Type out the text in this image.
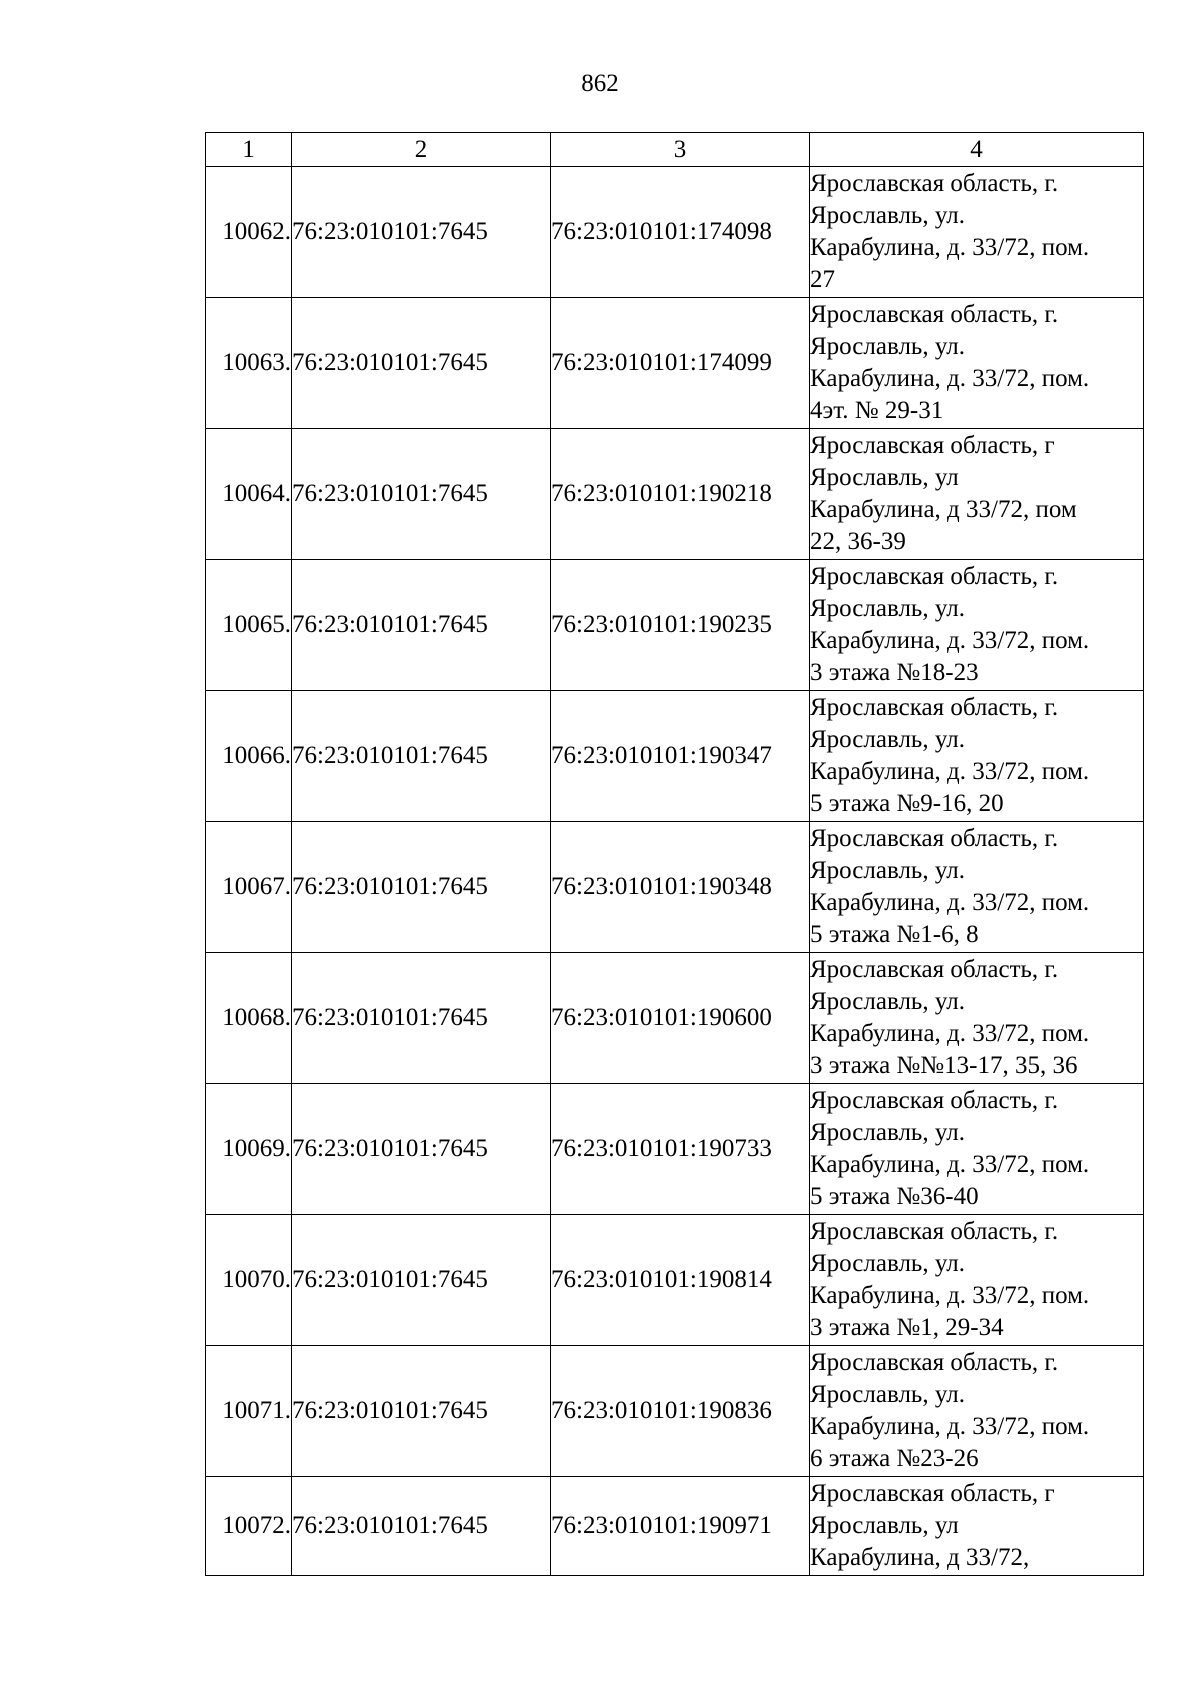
862
1	2	3	4
10062.	76:23:010101:7645	76:23:010101:174098	Ярославская область, г.
Ярославль, ул.
Карабулина, д. 33/72, пом.
27

10063.	76:23:010101:7645	76:23:010101:174099	Ярославская область, г.
Ярославль, ул.
Карабулина, д. 33/72, пом.
4эт. № 29-31

10064.	76:23:010101:7645	76:23:010101:190218	Ярославская область, г
Ярославль, ул
Карабулина, д 33/72, пом
22, 36-39

10065.	76:23:010101:7645	76:23:010101:190235	Ярославская область, г.
Ярославль, ул.
Карабулина, д. 33/72, пом.
3 этажа №18-23

10066.	76:23:010101:7645	76:23:010101:190347	Ярославская область, г.
Ярославль, ул.
Карабулина, д. 33/72, пом.
5 этажа №9-16, 20

10067.	76:23:010101:7645	76:23:010101:190348	Ярославская область, г.
Ярославль, ул.
Карабулина, д. 33/72, пом.
5 этажа №1-6, 8

10068.	76:23:010101:7645	76:23:010101:190600	Ярославская область, г.
Ярославль, ул.
Карабулина, д. 33/72, пом.
3 этажа №№13-17, 35, 36

10069.	76:23:010101:7645	76:23:010101:190733	Ярославская область, г.
Ярославль, ул.
Карабулина, д. 33/72, пом.
5 этажа №36-40

10070.	76:23:010101:7645	76:23:010101:190814	Ярославская область, г.
Ярославль, ул.
Карабулина, д. 33/72, пом.
3 этажа №1, 29-34

10071.	76:23:010101:7645	76:23:010101:190836	Ярославская область, г.
Ярославль, ул.
Карабулина, д. 33/72, пом.
6 этажа №23-26

10072.	76:23:010101:7645	76:23:010101:190971	Ярославская область, г
Ярославль, ул
Карабулина, д 33/72,
